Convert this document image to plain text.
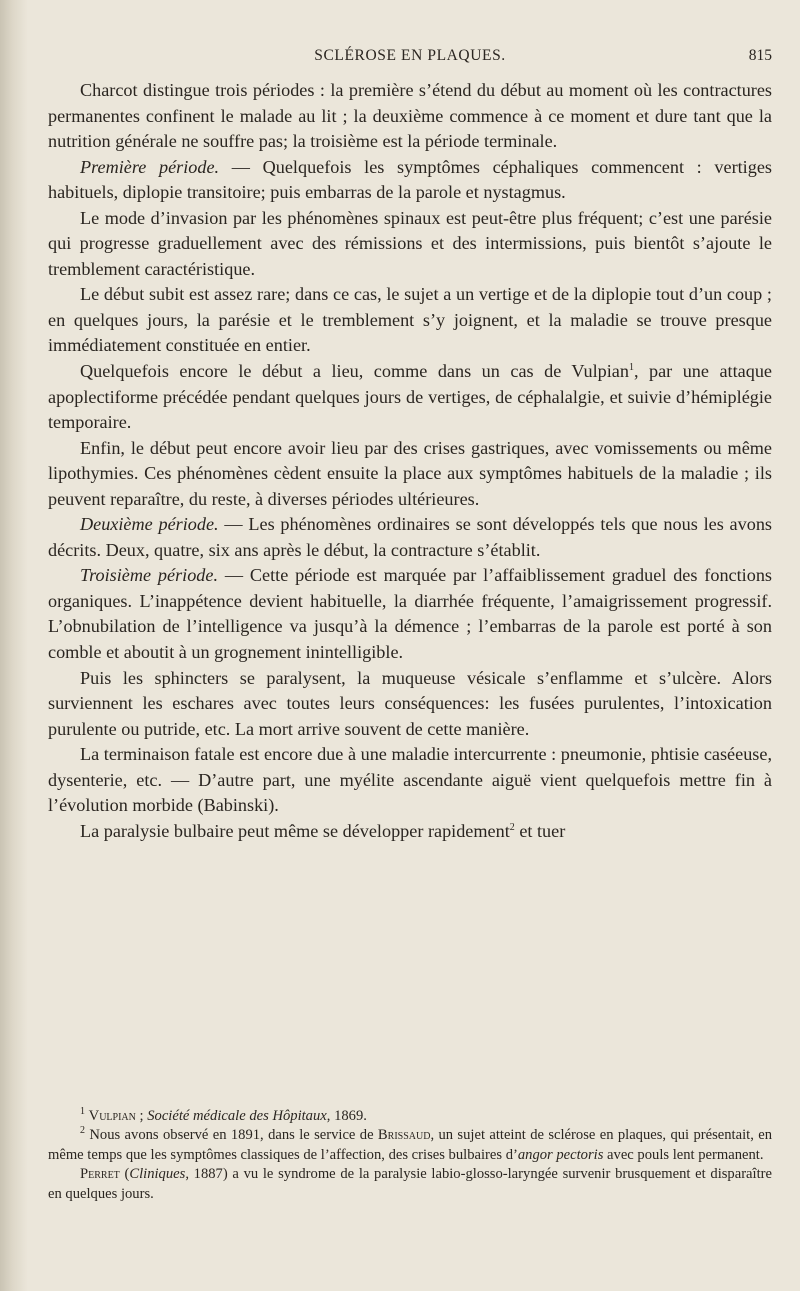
SCLÉROSE EN PLAQUES.	815

Charcot distingue trois périodes : la première s’étend du début au moment où les contractures permanentes confinent le malade au lit ; la deuxième commence à ce moment et dure tant que la nutrition générale ne souffre pas; la troisième est la période terminale.

Première période. — Quelquefois les symptômes céphaliques commencent : vertiges habituels, diplopie transitoire; puis embarras de la parole et nystagmus.

Le mode d’invasion par les phénomènes spinaux est peut-être plus fréquent; c’est une parésie qui progresse graduellement avec des rémissions et des intermissions, puis bientôt s’ajoute le tremblement caractéristique.

Le début subit est assez rare; dans ce cas, le sujet a un vertige et de la diplopie tout d’un coup ; en quelques jours, la parésie et le tremblement s’y joignent, et la maladie se trouve presque immédiatement constituée en entier.

Quelquefois encore le début a lieu, comme dans un cas de Vulpian$^1$, par une attaque apoplectiforme précédée pendant quelques jours de vertiges, de céphalalgie, et suivie d’hémiplégie temporaire.

Enfin, le début peut encore avoir lieu par des crises gastriques, avec vomissements ou même lipothymies. Ces phénomènes cèdent ensuite la place aux symptômes habituels de la maladie ; ils peuvent reparaître, du reste, à diverses périodes ultérieures.

Deuxième période. — Les phénomènes ordinaires se sont développés tels que nous les avons décrits. Deux, quatre, six ans après le début, la contracture s’établit.

Troisième période. — Cette période est marquée par l’affaiblissement graduel des fonctions organiques. L’inappétence devient habituelle, la diarrhée fréquente, l’amaigrissement progressif. L’obnubilation de l’intelligence va jusqu’à la démence ; l’embarras de la parole est porté à son comble et aboutit à un grognement inintelligible.

Puis les sphincters se paralysent, la muqueuse vésicale s’enflamme et s’ulcère. Alors surviennent les eschares avec toutes leurs conséquences: les fusées purulentes, l’intoxication purulente ou putride, etc. La mort arrive souvent de cette manière.

La terminaison fatale est encore due à une maladie intercurrente : pneumonie, phtisie caséeuse, dysenterie, etc. — D’autre part, une myélite ascendante aiguë vient quelquefois mettre fin à l’évolution morbide (Babinski).

La paralysie bulbaire peut même se développer rapidement$^2$ et tuer

$^1$ Vulpian ; Société médicale des Hôpitaux, 1869.

$^2$ Nous avons observé en 1891, dans le service de Brissaud, un sujet atteint de sclérose en plaques, qui présentait, en même temps que les symptômes classiques de l’affection, des crises bulbaires d’angor pectoris avec pouls lent permanent.

Perret (Cliniques, 1887) a vu le syndrome de la paralysie labio-glosso-laryngée survenir brusquement et disparaître en quelques jours.
